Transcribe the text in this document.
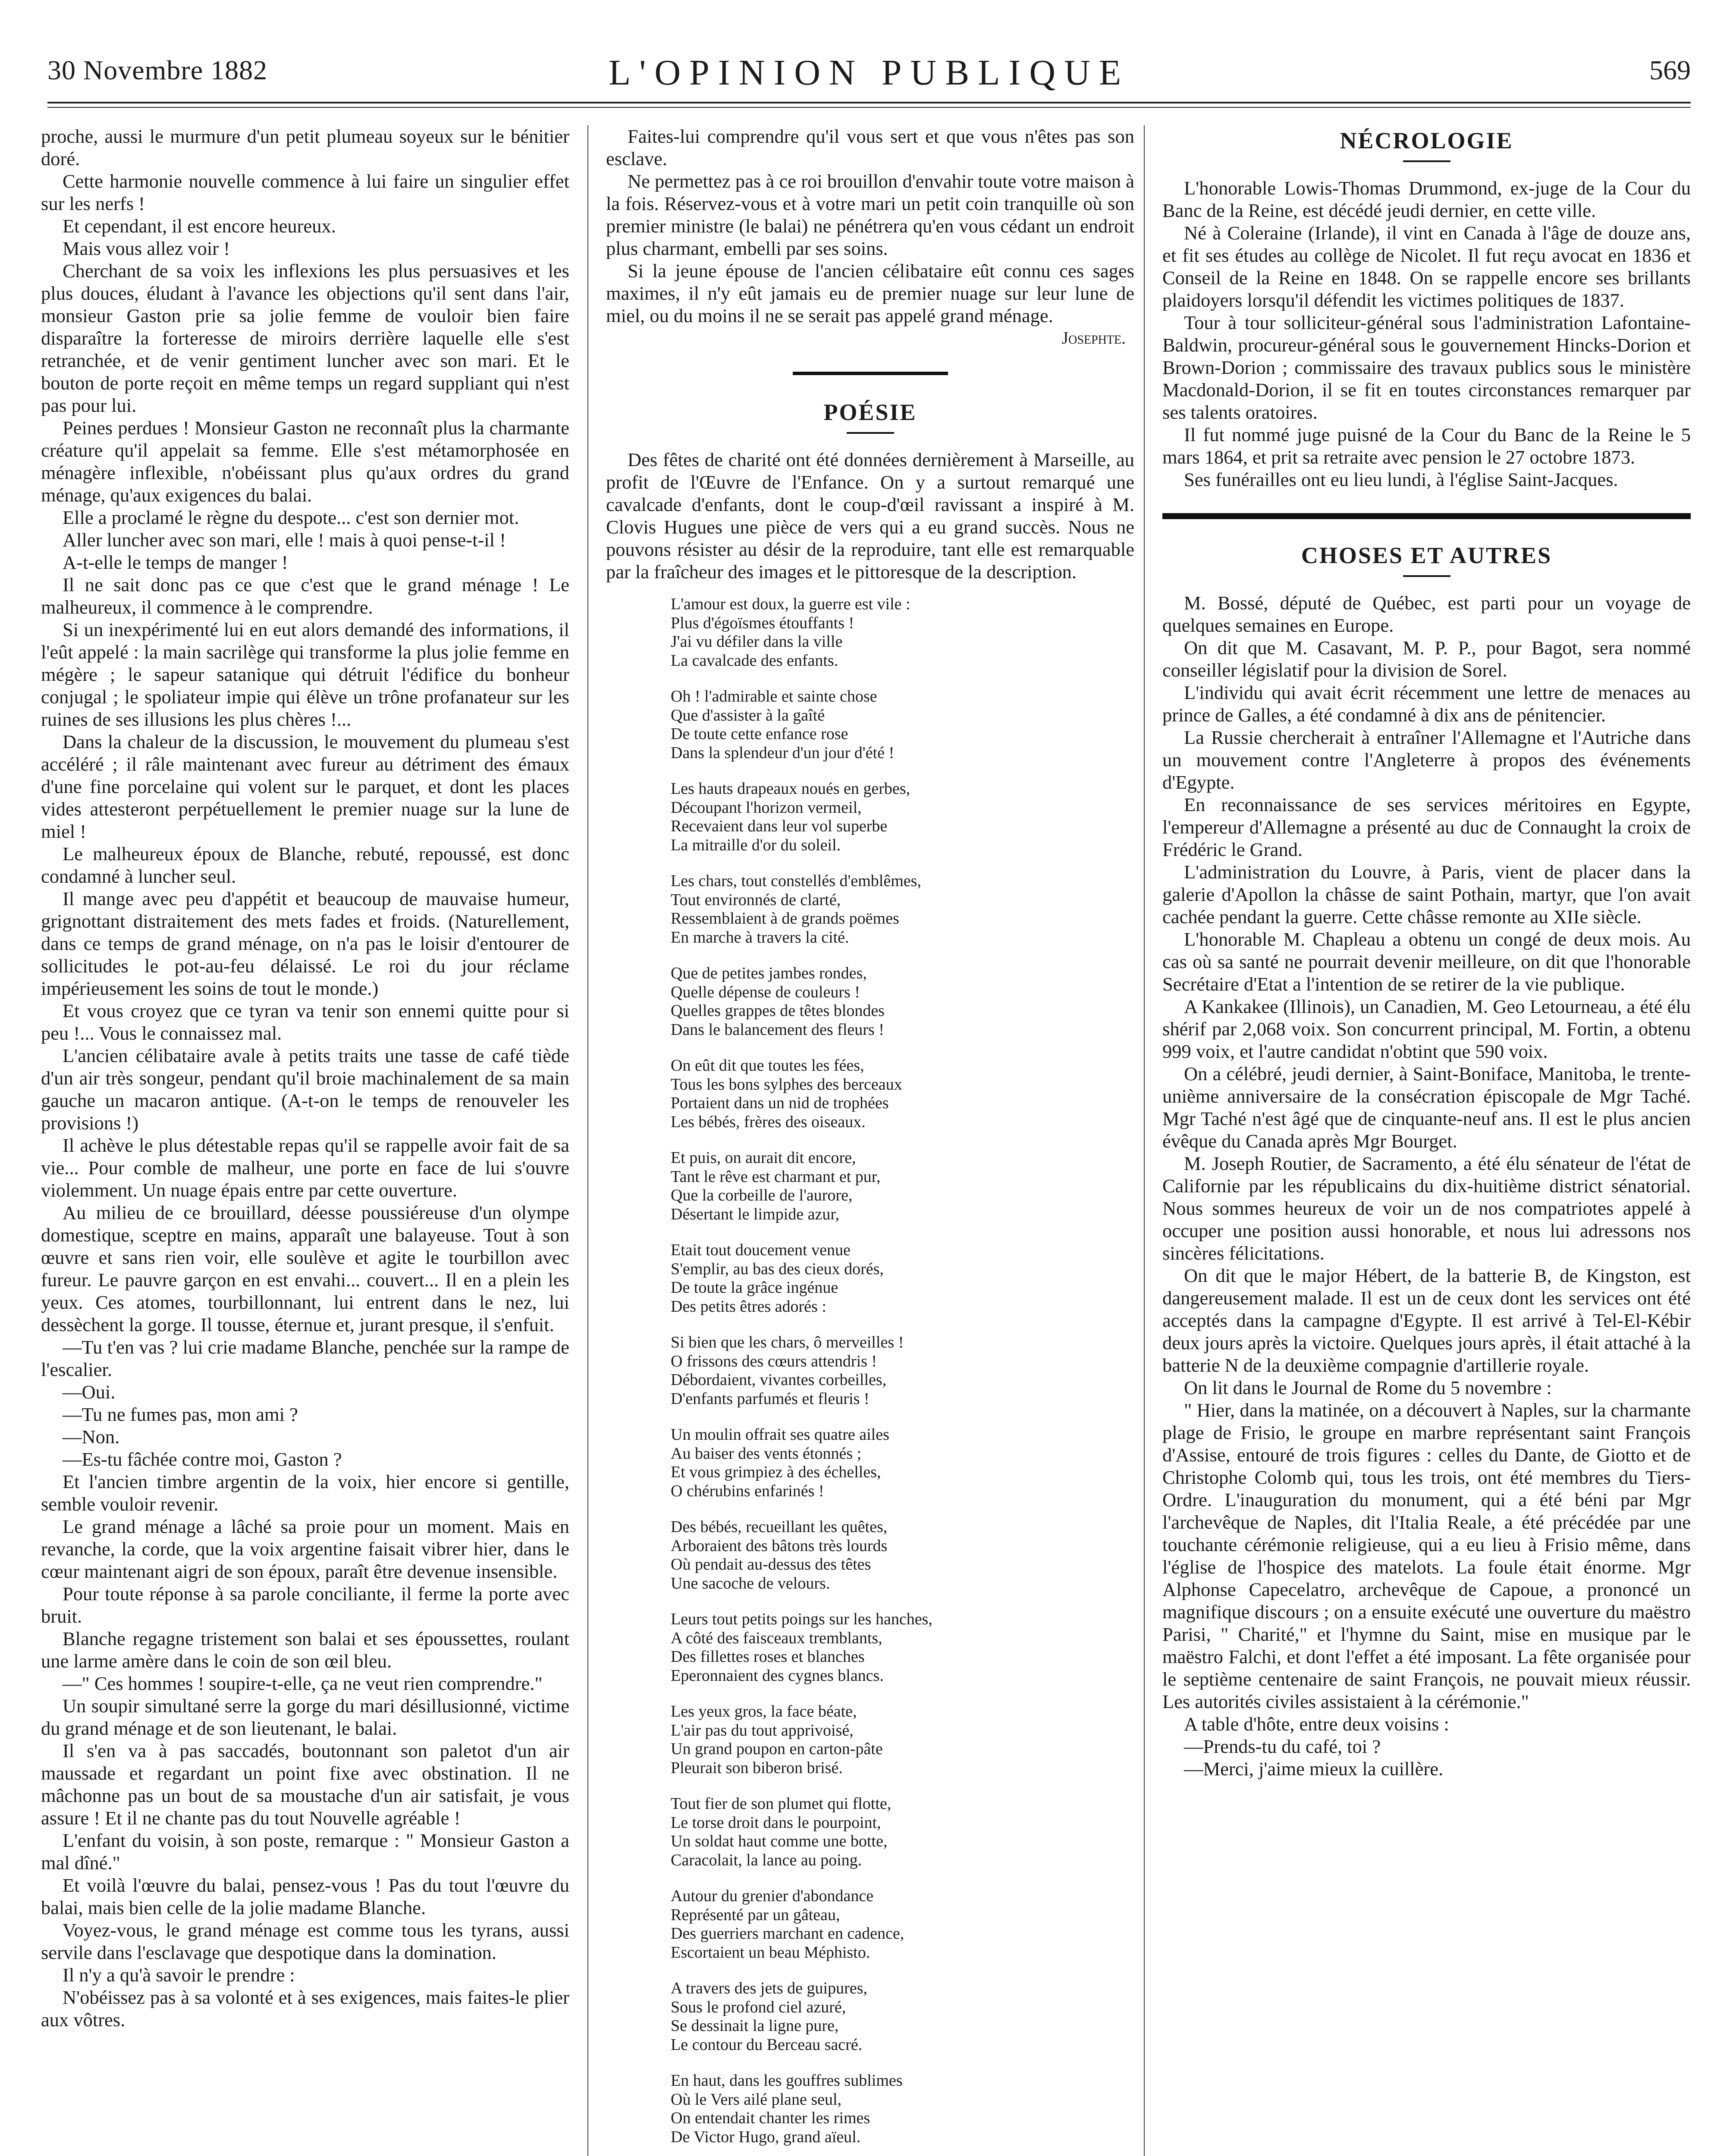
30 Novembre 1882	L'OPINION PUBLIQUE	569

proche, aussi le murmure d'un petit plumeau soyeux sur le bénitier doré.

Cette harmonie nouvelle commence à lui faire un singulier effet sur les nerfs !

Et cependant, il est encore heureux.

Mais vous allez voir !

Cherchant de sa voix les inflexions les plus persuasives et les plus douces, éludant à l'avance les objections qu'il sent dans l'air, monsieur Gaston prie sa jolie femme de vouloir bien faire disparaître la forteresse de miroirs derrière laquelle elle s'est retranchée, et de venir gentiment luncher avec son mari. Et le bouton de porte reçoit en même temps un regard suppliant qui n'est pas pour lui.

Peines perdues ! Monsieur Gaston ne reconnaît plus la charmante créature qu'il appelait sa femme. Elle s'est métamorphosée en ménagère inflexible, n'obéissant plus qu'aux ordres du grand ménage, qu'aux exigences du balai.

Elle a proclamé le règne du despote... c'est son dernier mot.

Aller luncher avec son mari, elle ! mais à quoi pense-t-il !

A-t-elle le temps de manger !

Il ne sait donc pas ce que c'est que le grand ménage ! Le malheureux, il commence à le comprendre.

Si un inexpérimenté lui en eut alors demandé des informations, il l'eût appelé : la main sacrilège qui transforme la plus jolie femme en mégère ; le sapeur satanique qui détruit l'édifice du bonheur conjugal ; le spoliateur impie qui élève un trône profanateur sur les ruines de ses illusions les plus chères !...

Dans la chaleur de la discussion, le mouvement du plumeau s'est accéléré ; il râle maintenant avec fureur au détriment des émaux d'une fine porcelaine qui volent sur le parquet, et dont les places vides attesteront perpétuellement le premier nuage sur la lune de miel !

Le malheureux époux de Blanche, rebuté, repoussé, est donc condamné à luncher seul.

Il mange avec peu d'appétit et beaucoup de mauvaise humeur, grignottant distraitement des mets fades et froids. (Naturellement, dans ce temps de grand ménage, on n'a pas le loisir d'entourer de sollicitudes le pot-au-feu délaissé. Le roi du jour réclame impérieusement les soins de tout le monde.)

Et vous croyez que ce tyran va tenir son ennemi quitte pour si peu !... Vous le connaissez mal.

L'ancien célibataire avale à petits traits une tasse de café tiède d'un air très songeur, pendant qu'il broie machinalement de sa main gauche un macaron antique. (A-t-on le temps de renouveler les provisions !)

Il achève le plus détestable repas qu'il se rappelle avoir fait de sa vie... Pour comble de malheur, une porte en face de lui s'ouvre violemment. Un nuage épais entre par cette ouverture.

Au milieu de ce brouillard, déesse poussiéreuse d'un olympe domestique, sceptre en mains, apparaît une balayeuse. Tout à son œuvre et sans rien voir, elle soulève et agite le tourbillon avec fureur. Le pauvre garçon en est envahi... couvert... Il en a plein les yeux. Ces atomes, tourbillonnant, lui entrent dans le nez, lui dessèchent la gorge. Il tousse, éternue et, jurant presque, il s'enfuit.

—Tu t'en vas ? lui crie madame Blanche, penchée sur la rampe de l'escalier.

—Oui.

—Tu ne fumes pas, mon ami ?

—Non.

—Es-tu fâchée contre moi, Gaston ?

Et l'ancien timbre argentin de la voix, hier encore si gentille, semble vouloir revenir.

Le grand ménage a lâché sa proie pour un moment. Mais en revanche, la corde, que la voix argentine faisait vibrer hier, dans le cœur maintenant aigri de son époux, paraît être devenue insensible.

Pour toute réponse à sa parole conciliante, il ferme la porte avec bruit.

Blanche regagne tristement son balai et ses époussettes, roulant une larme amère dans le coin de son œil bleu.

—" Ces hommes ! soupire-t-elle, ça ne veut rien comprendre."

Un soupir simultané serre la gorge du mari désillusionné, victime du grand ménage et de son lieutenant, le balai.

Il s'en va à pas saccadés, boutonnant son paletot d'un air maussade et regardant un point fixe avec obstination. Il ne mâchonne pas un bout de sa moustache d'un air satisfait, je vous assure ! Et il ne chante pas du tout Nouvelle agréable !

L'enfant du voisin, à son poste, remarque : " Monsieur Gaston a mal dîné."

Et voilà l'œuvre du balai, pensez-vous ! Pas du tout l'œuvre du balai, mais bien celle de la jolie madame Blanche.

Voyez-vous, le grand ménage est comme tous les tyrans, aussi servile dans l'esclavage que despotique dans la domination.

Il n'y a qu'à savoir le prendre :

N'obéissez pas à sa volonté et à ses exigences, mais faites-le plier aux vôtres.

Faites-lui comprendre qu'il vous sert et que vous n'êtes pas son esclave.

Ne permettez pas à ce roi brouillon d'envahir toute votre maison à la fois. Réservez-vous et à votre mari un petit coin tranquille où son premier ministre (le balai) ne pénétrera qu'en vous cédant un endroit plus charmant, embelli par ses soins.

Si la jeune épouse de l'ancien célibataire eût connu ces sages maximes, il n'y eût jamais eu de premier nuage sur leur lune de miel, ou du moins il ne se serait pas appelé grand ménage.

Josephte.

POÉSIE

Des fêtes de charité ont été données dernièrement à Marseille, au profit de l'Œuvre de l'Enfance. On y a surtout remarqué une cavalcade d'enfants, dont le coup-d'œil ravissant a inspiré à M. Clovis Hugues une pièce de vers qui a eu grand succès. Nous ne pouvons résister au désir de la reproduire, tant elle est remarquable par la fraîcheur des images et le pittoresque de la description.

L'amour est doux, la guerre est vile :
Plus d'égoïsmes étouffants !
J'ai vu défiler dans la ville
La cavalcade des enfants.
Oh ! l'admirable et sainte chose
Que d'assister à la gaîté
De toute cette enfance rose
Dans la splendeur d'un jour d'été !
Les hauts drapeaux noués en gerbes,
Découpant l'horizon vermeil,
Recevaient dans leur vol superbe
La mitraille d'or du soleil.
Les chars, tout constellés d'emblêmes,
Tout environnés de clarté,
Ressemblaient à de grands poëmes
En marche à travers la cité.
Que de petites jambes rondes,
Quelle dépense de couleurs !
Quelles grappes de têtes blondes
Dans le balancement des fleurs !
On eût dit que toutes les fées,
Tous les bons sylphes des berceaux
Portaient dans un nid de trophées
Les bébés, frères des oiseaux.
Et puis, on aurait dit encore,
Tant le rêve est charmant et pur,
Que la corbeille de l'aurore,
Désertant le limpide azur,
Etait tout doucement venue
S'emplir, au bas des cieux dorés,
De toute la grâce ingénue
Des petits êtres adorés :
Si bien que les chars, ô merveilles !
O frissons des cœurs attendris !
Débordaient, vivantes corbeilles,
D'enfants parfumés et fleuris !
Un moulin offrait ses quatre ailes
Au baiser des vents étonnés ;
Et vous grimpiez à des échelles,
O chérubins enfarinés !
Des bébés, recueillant les quêtes,
Arboraient des bâtons très lourds
Où pendait au-dessus des têtes
Une sacoche de velours.
Leurs tout petits poings sur les hanches,
A côté des faisceaux tremblants,
Des fillettes roses et blanches
Eperonnaient des cygnes blancs.
Les yeux gros, la face béate,
L'air pas du tout apprivoisé,
Un grand poupon en carton-pâte
Pleurait son biberon brisé.
Tout fier de son plumet qui flotte,
Le torse droit dans le pourpoint,
Un soldat haut comme une botte,
Caracolait, la lance au poing.
Autour du grenier d'abondance
Représenté par un gâteau,
Des guerriers marchant en cadence,
Escortaient un beau Méphisto.
A travers des jets de guipures,
Sous le profond ciel azuré,
Se dessinait la ligne pure,
Le contour du Berceau sacré.
En haut, dans les gouffres sublimes
Où le Vers ailé plane seul,
On entendait chanter les rimes
De Victor Hugo, grand aïeul.
NÉCROLOGIE

L'honorable Lowis-Thomas Drummond, ex-juge de la Cour du Banc de la Reine, est décédé jeudi dernier, en cette ville.

Né à Coleraine (Irlande), il vint en Canada à l'âge de douze ans, et fit ses études au collège de Nicolet. Il fut reçu avocat en 1836 et Conseil de la Reine en 1848. On se rappelle encore ses brillants plaidoyers lorsqu'il défendit les victimes politiques de 1837.

Tour à tour solliciteur-général sous l'administration Lafontaine-Baldwin, procureur-général sous le gouvernement Hincks-Dorion et Brown-Dorion ; commissaire des travaux publics sous le ministère Macdonald-Dorion, il se fit en toutes circonstances remarquer par ses talents oratoires.

Il fut nommé juge puisné de la Cour du Banc de la Reine le 5 mars 1864, et prit sa retraite avec pension le 27 octobre 1873.

Ses funérailles ont eu lieu lundi, à l'église Saint-Jacques.

CHOSES ET AUTRES

M. Bossé, député de Québec, est parti pour un voyage de quelques semaines en Europe.

On dit que M. Casavant, M. P. P., pour Bagot, sera nommé conseiller législatif pour la division de Sorel.

L'individu qui avait écrit récemment une lettre de menaces au prince de Galles, a été condamné à dix ans de pénitencier.

La Russie chercherait à entraîner l'Allemagne et l'Autriche dans un mouvement contre l'Angleterre à propos des événements d'Egypte.

En reconnaissance de ses services méritoires en Egypte, l'empereur d'Allemagne a présenté au duc de Connaught la croix de Frédéric le Grand.

L'administration du Louvre, à Paris, vient de placer dans la galerie d'Apollon la châsse de saint Pothain, martyr, que l'on avait cachée pendant la guerre. Cette châsse remonte au XIIe siècle.

L'honorable M. Chapleau a obtenu un congé de deux mois. Au cas où sa santé ne pourrait devenir meilleure, on dit que l'honorable Secrétaire d'Etat a l'intention de se retirer de la vie publique.

A Kankakee (Illinois), un Canadien, M. Geo Letourneau, a été élu shérif par 2,068 voix. Son concurrent principal, M. Fortin, a obtenu 999 voix, et l'autre candidat n'obtint que 590 voix.

On a célébré, jeudi dernier, à Saint-Boniface, Manitoba, le trente-unième anniversaire de la consécration épiscopale de Mgr Taché. Mgr Taché n'est âgé que de cinquante-neuf ans. Il est le plus ancien évêque du Canada après Mgr Bourget.

M. Joseph Routier, de Sacramento, a été élu sénateur de l'état de Californie par les républicains du dix-huitième district sénatorial. Nous sommes heureux de voir un de nos compatriotes appelé à occuper une position aussi honorable, et nous lui adressons nos sincères félicitations.

On dit que le major Hébert, de la batterie B, de Kingston, est dangereusement malade. Il est un de ceux dont les services ont été acceptés dans la campagne d'Egypte. Il est arrivé à Tel-El-Kébir deux jours après la victoire. Quelques jours après, il était attaché à la batterie N de la deuxième compagnie d'artillerie royale.

On lit dans le Journal de Rome du 5 novembre :

" Hier, dans la matinée, on a découvert à Naples, sur la charmante plage de Frisio, le groupe en marbre représentant saint François d'Assise, entouré de trois figures : celles du Dante, de Giotto et de Christophe Colomb qui, tous les trois, ont été membres du Tiers-Ordre. L'inauguration du monument, qui a été béni par Mgr l'archevêque de Naples, dit l'Italia Reale, a été précédée par une touchante cérémonie religieuse, qui a eu lieu à Frisio même, dans l'église de l'hospice des matelots. La foule était énorme. Mgr Alphonse Capecelatro, archevêque de Capoue, a prononcé un magnifique discours ; on a ensuite exécuté une ouverture du maëstro Parisi, " Charité," et l'hymne du Saint, mise en musique par le maëstro Falchi, et dont l'effet a été imposant. La fête organisée pour le septième centenaire de saint François, ne pouvait mieux réussir. Les autorités civiles assistaient à la cérémonie."

A table d'hôte, entre deux voisins :

—Prends-tu du café, toi ?

—Merci, j'aime mieux la cuillère.
